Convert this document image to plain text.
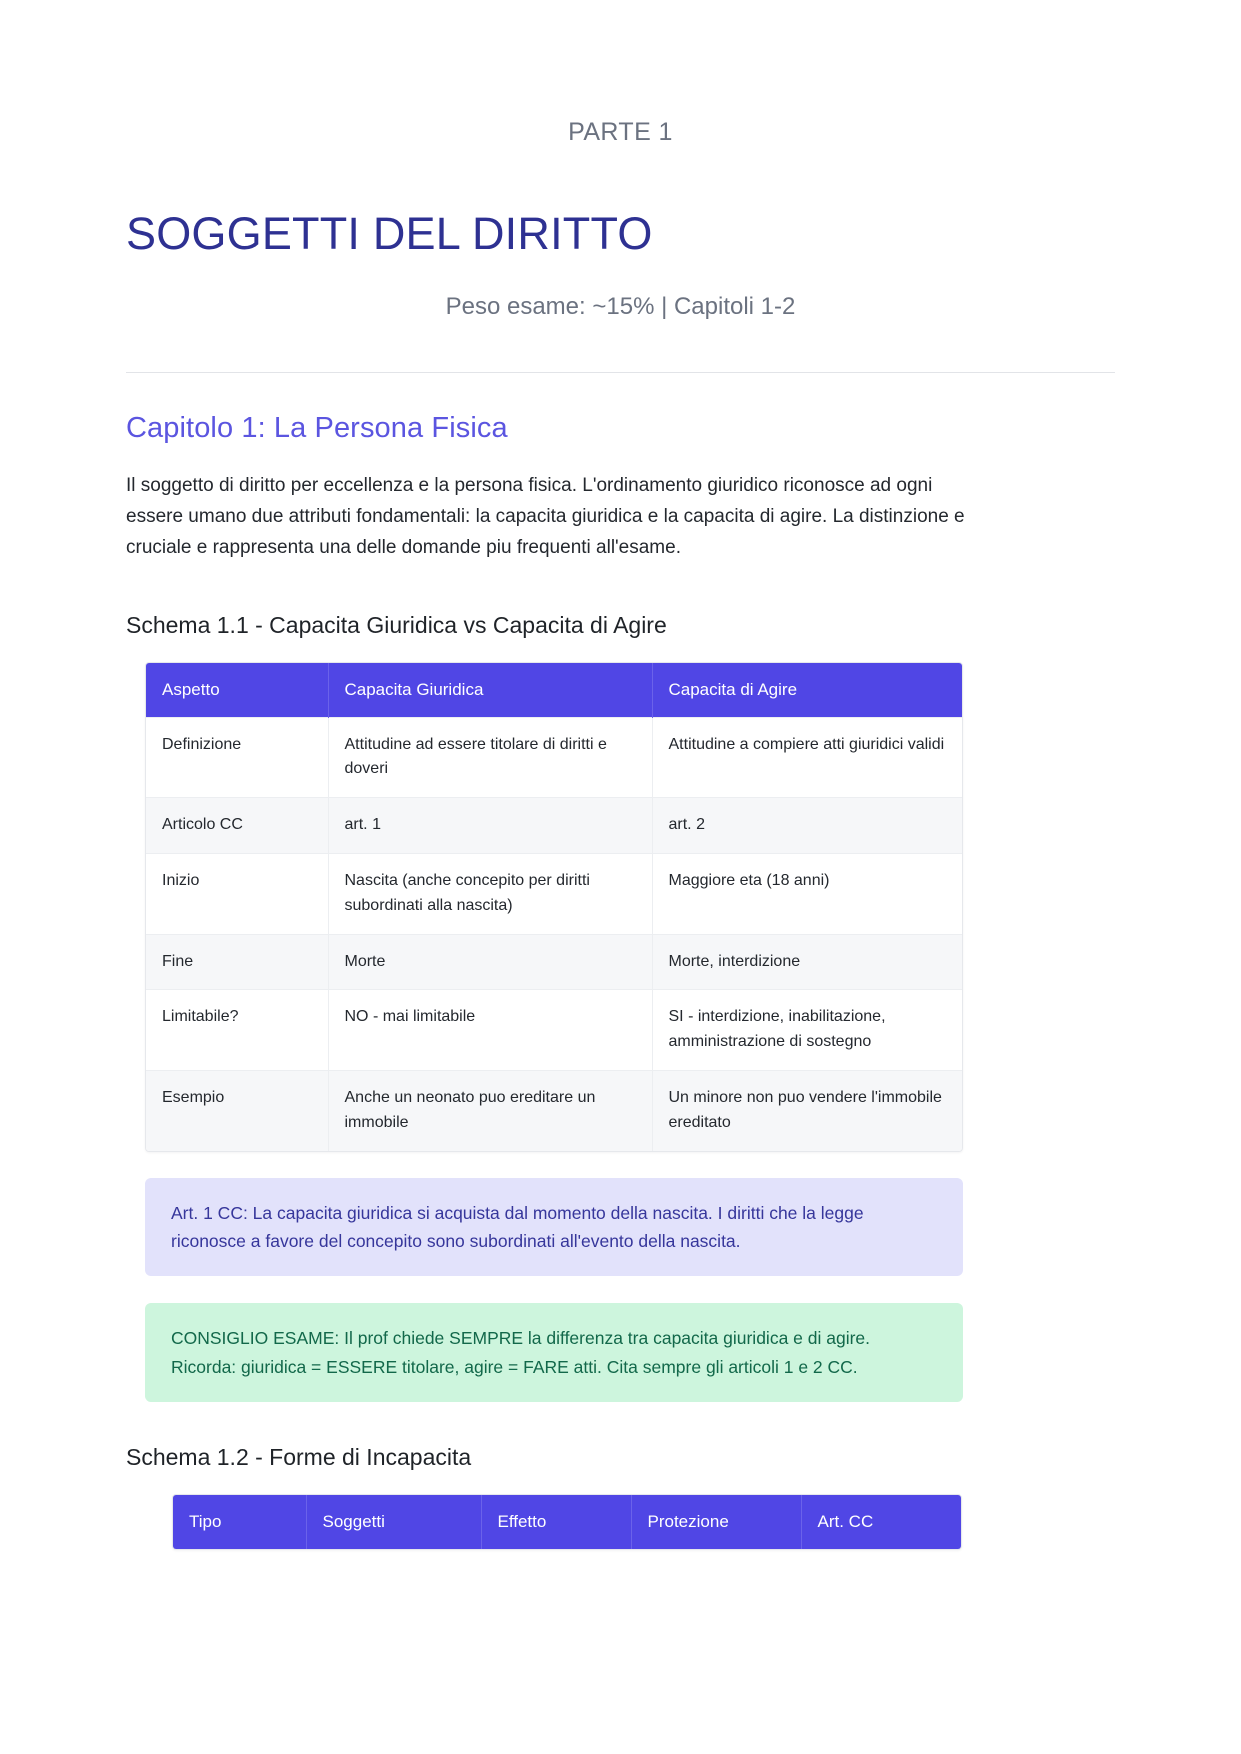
PARTE 1
SOGGETTI DEL DIRITTO
Peso esame: ~15% | Capitoli 1-2
Capitolo 1: La Persona Fisica

Il soggetto di diritto per eccellenza e la persona fisica. L'ordinamento giuridico riconosce ad ogni essere umano due attributi fondamentali: la capacita giuridica e la capacita di agire. La distinzione e cruciale e rappresenta una delle domande piu frequenti all'esame.

Schema 1.1 - Capacita Giuridica vs Capacita di Agire
Aspetto	Capacita Giuridica	Capacita di Agire
Definizione	Attitudine ad essere titolare di diritti e doveri	Attitudine a compiere atti giuridici validi
Articolo CC	art. 1	art. 2
Inizio	Nascita (anche concepito per diritti subordinati alla nascita)	Maggiore eta (18 anni)
Fine	Morte	Morte, interdizione
Limitabile?	NO - mai limitabile	SI - interdizione, inabilitazione, amministrazione di sostegno
Esempio	Anche un neonato puo ereditare un immobile	Un minore non puo vendere l'immobile ereditato

Art. 1 CC: La capacita giuridica si acquista dal momento della nascita. I diritti che la legge riconosce a favore del concepito sono subordinati all'evento della nascita.

CONSIGLIO ESAME: Il prof chiede SEMPRE la differenza tra capacita giuridica e di agire. Ricorda: giuridica = ESSERE titolare, agire = FARE atti. Cita sempre gli articoli 1 e 2 CC.

Schema 1.2 - Forme di Incapacita
Tipo	Soggetti	Effetto	Protezione	Art. CC
